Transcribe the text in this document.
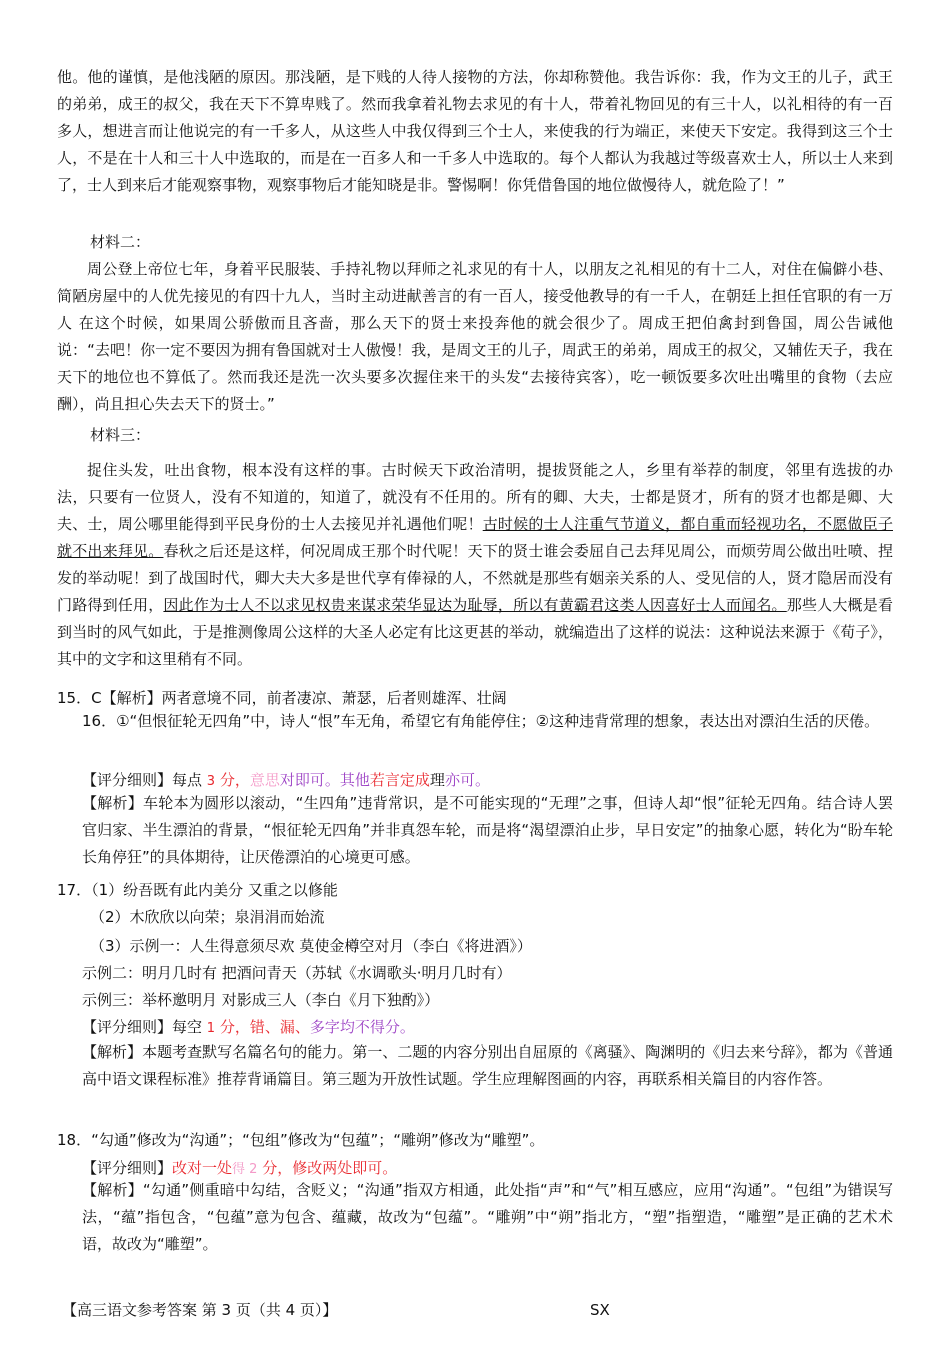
他。他的谨慎，是他浅陋的原因。那浅陋，是下贱的人待人接物的方法，你却称赞他。我告诉你：我，作为文王的儿子，武王的弟弟，成王的叔父，我在天下不算卑贱了。然而我拿着礼物去求见的有十人，带着礼物回见的有三十人，以礼相待的有一百多人，想进言而让他说完的有一千多人，从这些人中我仅得到三个士人，来使我的行为端正，来使天下安定。我得到这三个士人，不是在十人和三十人中选取的，而是在一百多人和一千多人中选取的。每个人都认为我越过等级喜欢士人，所以士人来到了，士人到来后才能观察事物，观察事物后才能知晓是非。警惕啊！你凭借鲁国的地位做慢待人，就危险了！”

材料二：

周公登上帝位七年，身着平民服装、手持礼物以拜师之礼求见的有十人，以朋友之礼相见的有十二人，对住在偏僻小巷、简陋房屋中的人优先接见的有四十九人，当时主动进献善言的有一百人，接受他教导的有一千人，在朝廷上担任官职的有一万人 在这个时候，如果周公骄傲而且吝啬，那么天下的贤士来投奔他的就会很少了。周成王把伯禽封到鲁国，周公告诫他说：“去吧！你一定不要因为拥有鲁国就对士人傲慢！我，是周文王的儿子，周武王的弟弟，周成王的叔父，又辅佐天子，我在天下的地位也不算低了。然而我还是洗一次头要多次握住来干的头发“去接待宾客），吃一顿饭要多次吐出嘴里的食物（去应酬），尚且担心失去天下的贤士。”

材料三：

捉住头发，吐出食物，根本没有这样的事。古时候天下政治清明，提拔贤能之人，乡里有举荐的制度，邻里有选拔的办法，只要有一位贤人，没有不知道的，知道了，就没有不任用的。所有的卿、大夫，士都是贤才，所有的贤才也都是卿、大夫、士，周公哪里能得到平民身份的士人去接见并礼遇他们呢！古时候的士人注重气节道义，都自重而轻视功名，不愿做臣子就不出来拜见。春秋之后还是这样，何况周成王那个时代呢！天下的贤士谁会委屈自己去拜见周公，而烦劳周公做出吐喷、捏发的举动呢！到了战国时代，卿大夫大多是世代享有俸禄的人，不然就是那些有姻亲关系的人、受见信的人，贤才隐居而没有门路得到任用，因此作为士人不以求见权贵来谋求荣华显达为耻辱，所以有黄霸君这类人因喜好士人而闻名。那些人大概是看到当时的风气如此，于是推测像周公这样的大圣人必定有比这更甚的举动，就编造出了这样的说法：这种说法来源于《荀子》，其中的文字和这里稍有不同。

15．C【解析】两者意境不同，前者凄凉、萧瑟，后者则雄浑、壮阔

16．①“但恨征轮无四角”中，诗人“恨”车无角，希望它有角能停住；②这种违背常理的想象，表达出对漂泊生活的厌倦。

【评分细则】每点 3 分，意思对即可。其他若言定成理亦可。

【解析】车轮本为圆形以滚动，“生四角”违背常识，是不可能实现的“无理”之事，但诗人却“恨”征轮无四角。结合诗人罢官归家、半生漂泊的背景，“恨征轮无四角”并非真怨车轮，而是将“渴望漂泊止步，早日安定”的抽象心愿，转化为“盼车轮长角停狂”的具体期待，让厌倦漂泊的心境更可感。

17．（1）纷吾既有此内美分 又重之以修能

（2）木欣欣以向荣；泉涓涓而始流

（3）示例一：人生得意须尽欢 莫使金樽空对月（李白《将进酒》）

示例二：明月几时有 把酒问青天（苏轼《水调歌头·明月几时有）

示例三：举杯邀明月 对影成三人（李白《月下独酌》）

【评分细则】每空 1 分，错、漏、多字均不得分。

【解析】本题考查默写名篇名句的能力。第一、二题的内容分别出自屈原的《离骚》、陶渊明的《归去来兮辞》，都为《普通高中语文课程标准》推荐背诵篇目。第三题为开放性试题。学生应理解图画的内容，再联系相关篇目的内容作答。

18．“勾通”修改为“沟通”；“包组”修改为“包蕴”；“雕朔”修改为“雕塑”。

【评分细则】改对一处得 2 分，修改两处即可。

【解析】“勾通”侧重暗中勾结，含贬义；“沟通”指双方相通，此处指“声”和“气”相互感应，应用“沟通”。“包组”为错误写法，“蕴”指包含，“包蕴”意为包含、蕴藏，故改为“包蕴”。“雕朔”中“朔”指北方，“塑”指塑造，“雕塑”是正确的艺术术语，故改为“雕塑”。

【高三语文参考答案 第 3 页（共 4 页）】	SX
